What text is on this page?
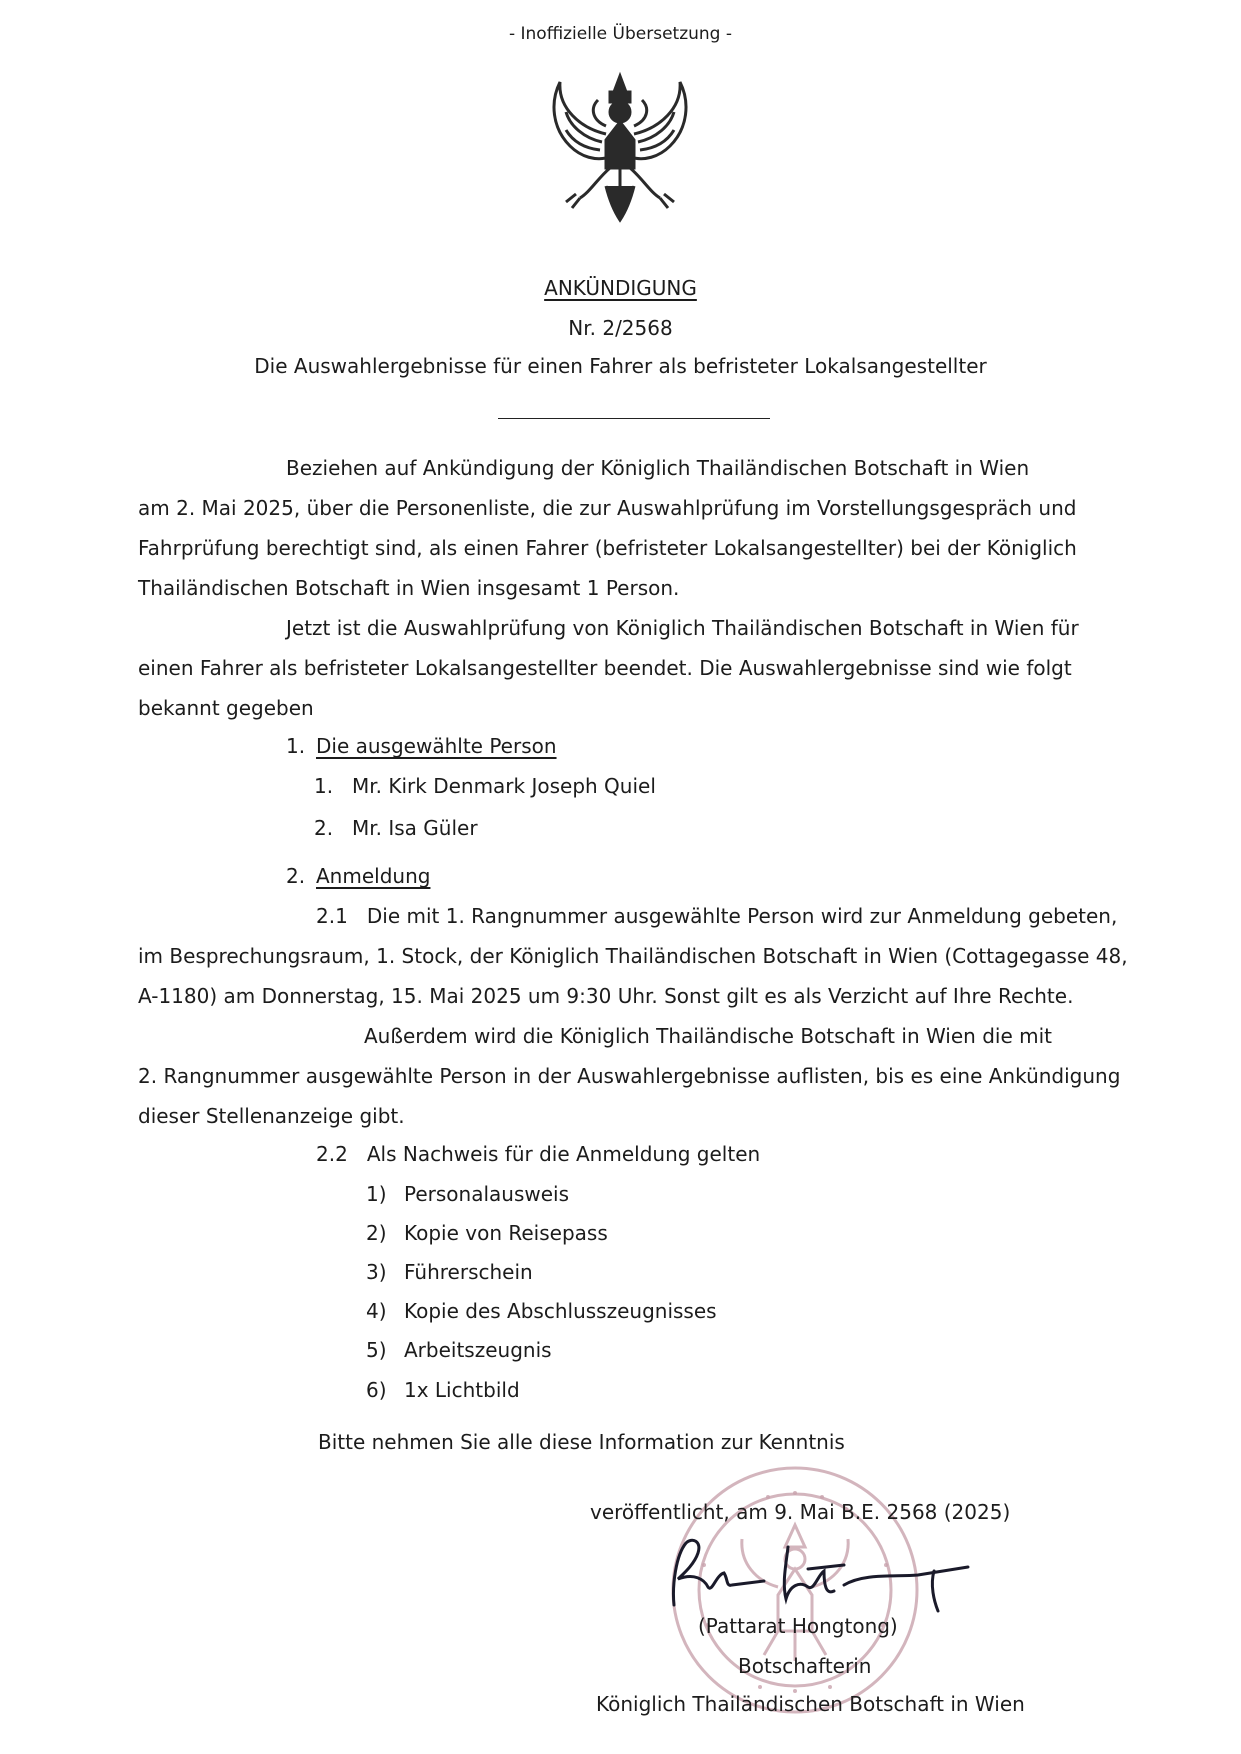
- Inoffizielle Übersetzung -
ANKÜNDIGUNG
Nr. 2/2568
Die Auswahlergebnisse für einen Fahrer als befristeter Lokalsangestellter
Beziehen auf Ankündigung der Königlich Thailändischen Botschaft in Wien
am 2. Mai 2025, über die Personenliste, die zur Auswahlprüfung im Vorstellungsgespräch und
Fahrprüfung berechtigt sind, als einen Fahrer (befristeter Lokalsangestellter) bei der Königlich
Thailändischen Botschaft in Wien insgesamt 1 Person.
Jetzt ist die Auswahlprüfung von Königlich Thailändischen Botschaft in Wien für
einen Fahrer als befristeter Lokalsangestellter beendet. Die Auswahlergebnisse sind wie folgt
bekannt gegeben
1. Die ausgewählte Person
1. Mr. Kirk Denmark Joseph Quiel
2. Mr. Isa Güler
2. Anmeldung
2.1   Die mit 1. Rangnummer ausgewählte Person wird zur Anmeldung gebeten,
im Besprechungsraum, 1. Stock, der Königlich Thailändischen Botschaft in Wien (Cottagegasse 48,
A-1180) am Donnerstag, 15. Mai 2025 um 9:30 Uhr. Sonst gilt es als Verzicht auf Ihre Rechte.
Außerdem wird die Königlich Thailändische Botschaft in Wien die mit
2. Rangnummer ausgewählte Person in der Auswahlergebnisse auflisten, bis es eine Ankündigung
dieser Stellenanzeige gibt.
2.2   Als Nachweis für die Anmeldung gelten
1) Personalausweis
2) Kopie von Reisepass
3) Führerschein
4) Kopie des Abschlusszeugnisses
5) Arbeitszeugnis
6) 1x Lichtbild
Bitte nehmen Sie alle diese Information zur Kenntnis
veröffentlicht, am 9. Mai B.E. 2568 (2025)
(Pattarat Hongtong)
Botschafterin
Königlich Thailändischen Botschaft in Wien
